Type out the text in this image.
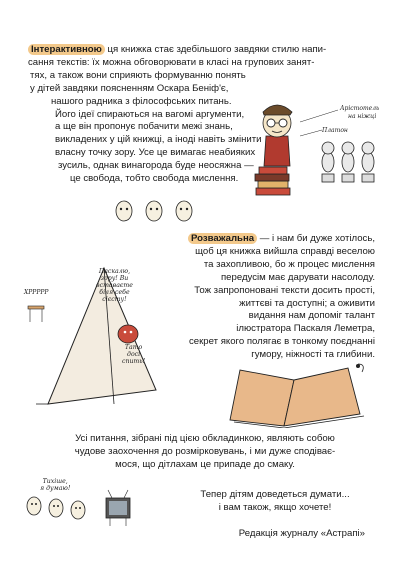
Інтерактивною ця книжка стає здебільшого завдяки стилю напи-
сання текстів: їх можна обговорювати в класі на групових занят-
тях, а також вони сприяють формуванню понять
у дітей завдяки поясненням Оскара Беніф'є,
нашого радника з філософських питань.
Його ідеї спираються на вагомі аргументи,
а ще він пропонує побачити межі знань,
викладених у цій книжці, а іноді навіть змінити
власну точку зору. Усе це вимагає неабияких
зусиль, однак винагорода буде неосяжна —
це свобода, тобто свобода мислення.
Арістотель
на ніжці
Платон
Розважальна — і нам би дуже хотілось,
щоб ця книжка вийшла справді веселою
та захопливою, бо ж процес мислення
передусім має дарувати насолоду.
Тож запропоновані тексти досить прості,
життєві та доступні; а оживити
видання нам допоміг талант
ілюстратора Паскаля Леметра,
секрет якого полягає в тонкому поєднанні
гумору, ніжності та глибини.
ХРРРРР
Паскалю,
зору! Ви
вставаєте
біля себе
сієсту!
Тато
досі
спить!
Усі питання, зібрані під цією обкладинкою, являють собою
чудове заохочення до розмірковувань, і ми дуже сподіває-
мося, що дітлахам це припаде до смаку.
Тихіше,
я думаю!
Тепер дітям доведеться думати...
і вам також, якщо хочете!
Редакція журналу «Астрапі»
